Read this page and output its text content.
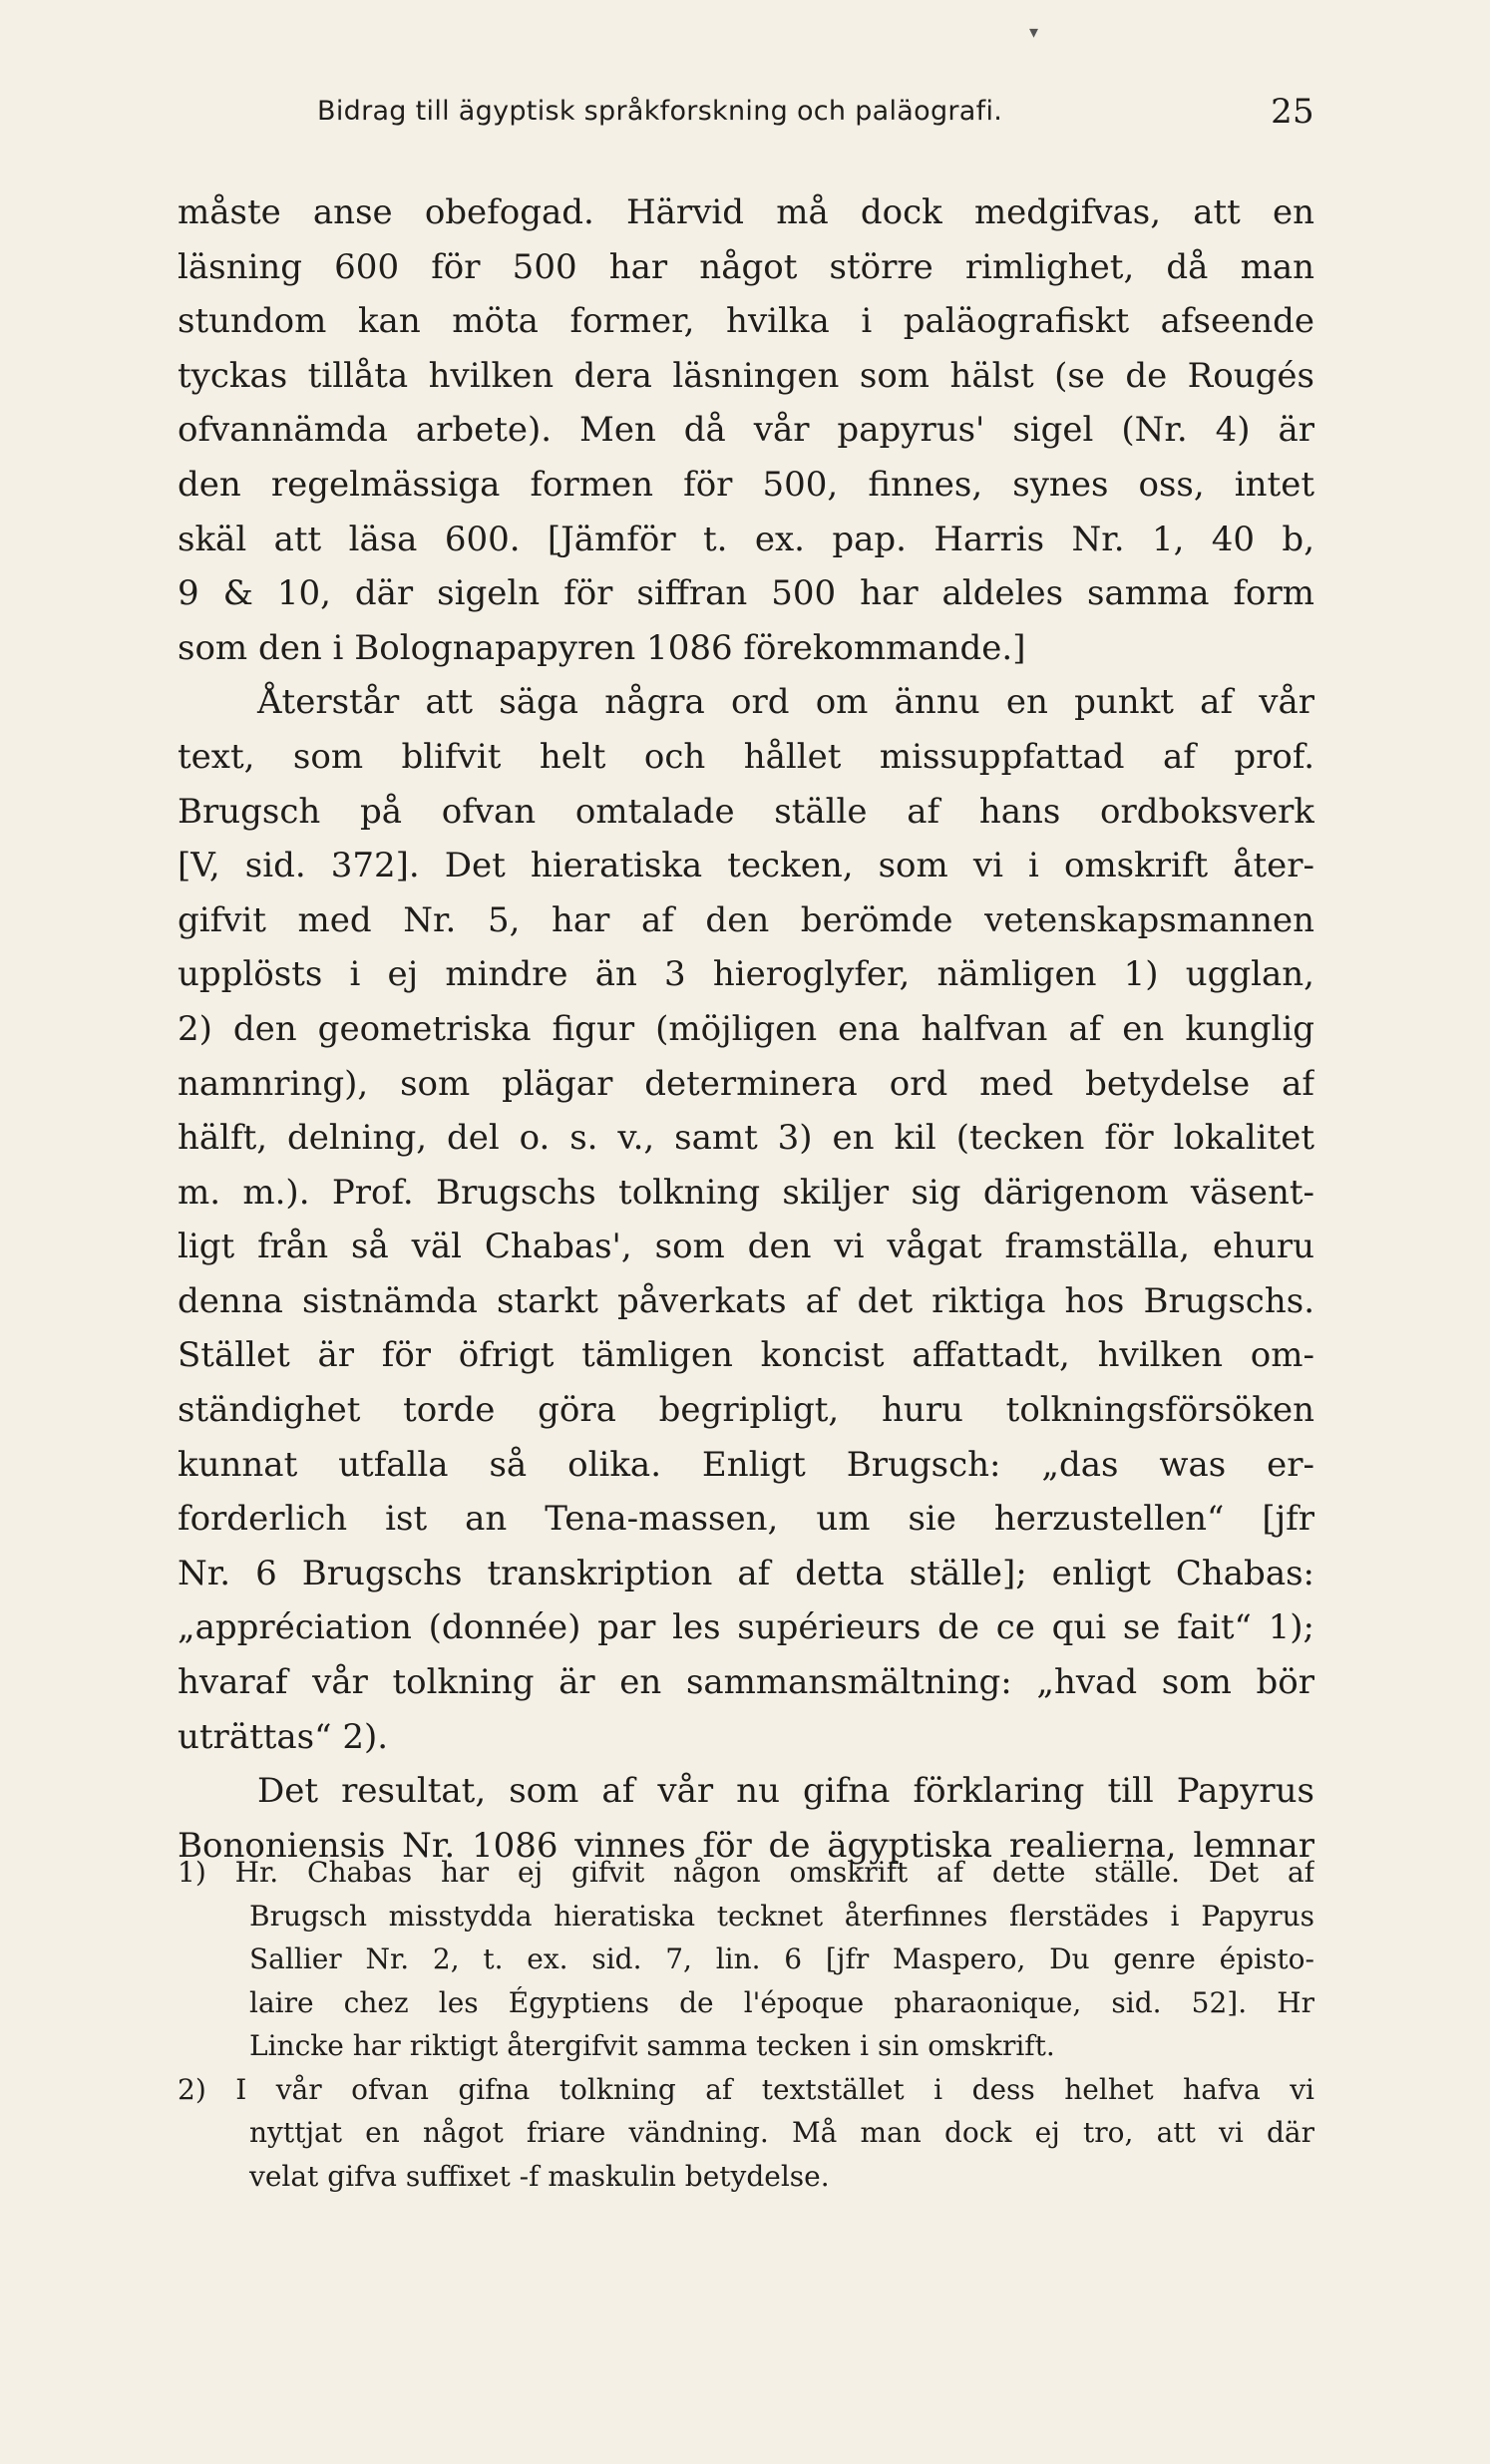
▾
Bidrag till ägyptisk språkforskning och paläografi.	25
måste anse obefogad. Härvid må dock medgifvas, att en
läsning 600 för 500 har något större rimlighet, då man
stundom kan möta former, hvilka i paläografiskt afseende
tyckas tillåta hvilken dera läsningen som hälst (se de Rougés
ofvannämda arbete). Men då vår papyrus' sigel (Nr. 4) är
den regelmässiga formen för 500, finnes, synes oss, intet
skäl att läsa 600. [Jämför t. ex. pap. Harris Nr. 1, 40 b,
9 & 10, där sigeln för siffran 500 har aldeles samma form
som den i Bolognapapyren 1086 förekommande.]
Återstår att säga några ord om ännu en punkt af vår
text, som blifvit helt och hållet missuppfattad af prof.
Brugsch på ofvan omtalade ställe af hans ordboksverk
[V, sid. 372]. Det hieratiska tecken, som vi i omskrift åter-
gifvit med Nr. 5, har af den berömde vetenskapsmannen
upplösts i ej mindre än 3 hieroglyfer, nämligen 1) ugglan,
2) den geometriska figur (möjligen ena halfvan af en kunglig
namnring), som plägar determinera ord med betydelse af
hälft, delning, del o. s. v., samt 3) en kil (tecken för lokalitet
m. m.). Prof. Brugschs tolkning skiljer sig därigenom väsent-
ligt från så väl Chabas', som den vi vågat framställa, ehuru
denna sistnämda starkt påverkats af det riktiga hos Brugschs.
Stället är för öfrigt tämligen koncist affattadt, hvilken om-
ständighet torde göra begripligt, huru tolkningsförsöken
kunnat utfalla så olika. Enligt Brugsch: „das was er-
forderlich ist an Tena-massen, um sie herzustellen“ [jfr
Nr. 6 Brugschs transkription af detta ställe]; enligt Chabas:
„appréciation (donnée) par les supérieurs de ce qui se fait“ 1);
hvaraf vår tolkning är en sammansmältning: „hvad som bör
uträttas“ 2).
Det resultat, som af vår nu gifna förklaring till Papyrus
Bononiensis Nr. 1086 vinnes för de ägyptiska realierna, lemnar
1) Hr. Chabas har ej gifvit någon omskrift af dette ställe. Det af
Brugsch misstydda hieratiska tecknet återfinnes flerstädes i Papyrus
Sallier Nr. 2, t. ex. sid. 7, lin. 6 [jfr Maspero, Du genre épisto-
laire chez les Égyptiens de l'époque pharaonique, sid. 52]. Hr
Lincke har riktigt återgifvit samma tecken i sin omskrift.
2) I vår ofvan gifna tolkning af textstället i dess helhet hafva vi
nyttjat en något friare vändning. Må man dock ej tro, att vi där
velat gifva suffixet -f maskulin betydelse.
